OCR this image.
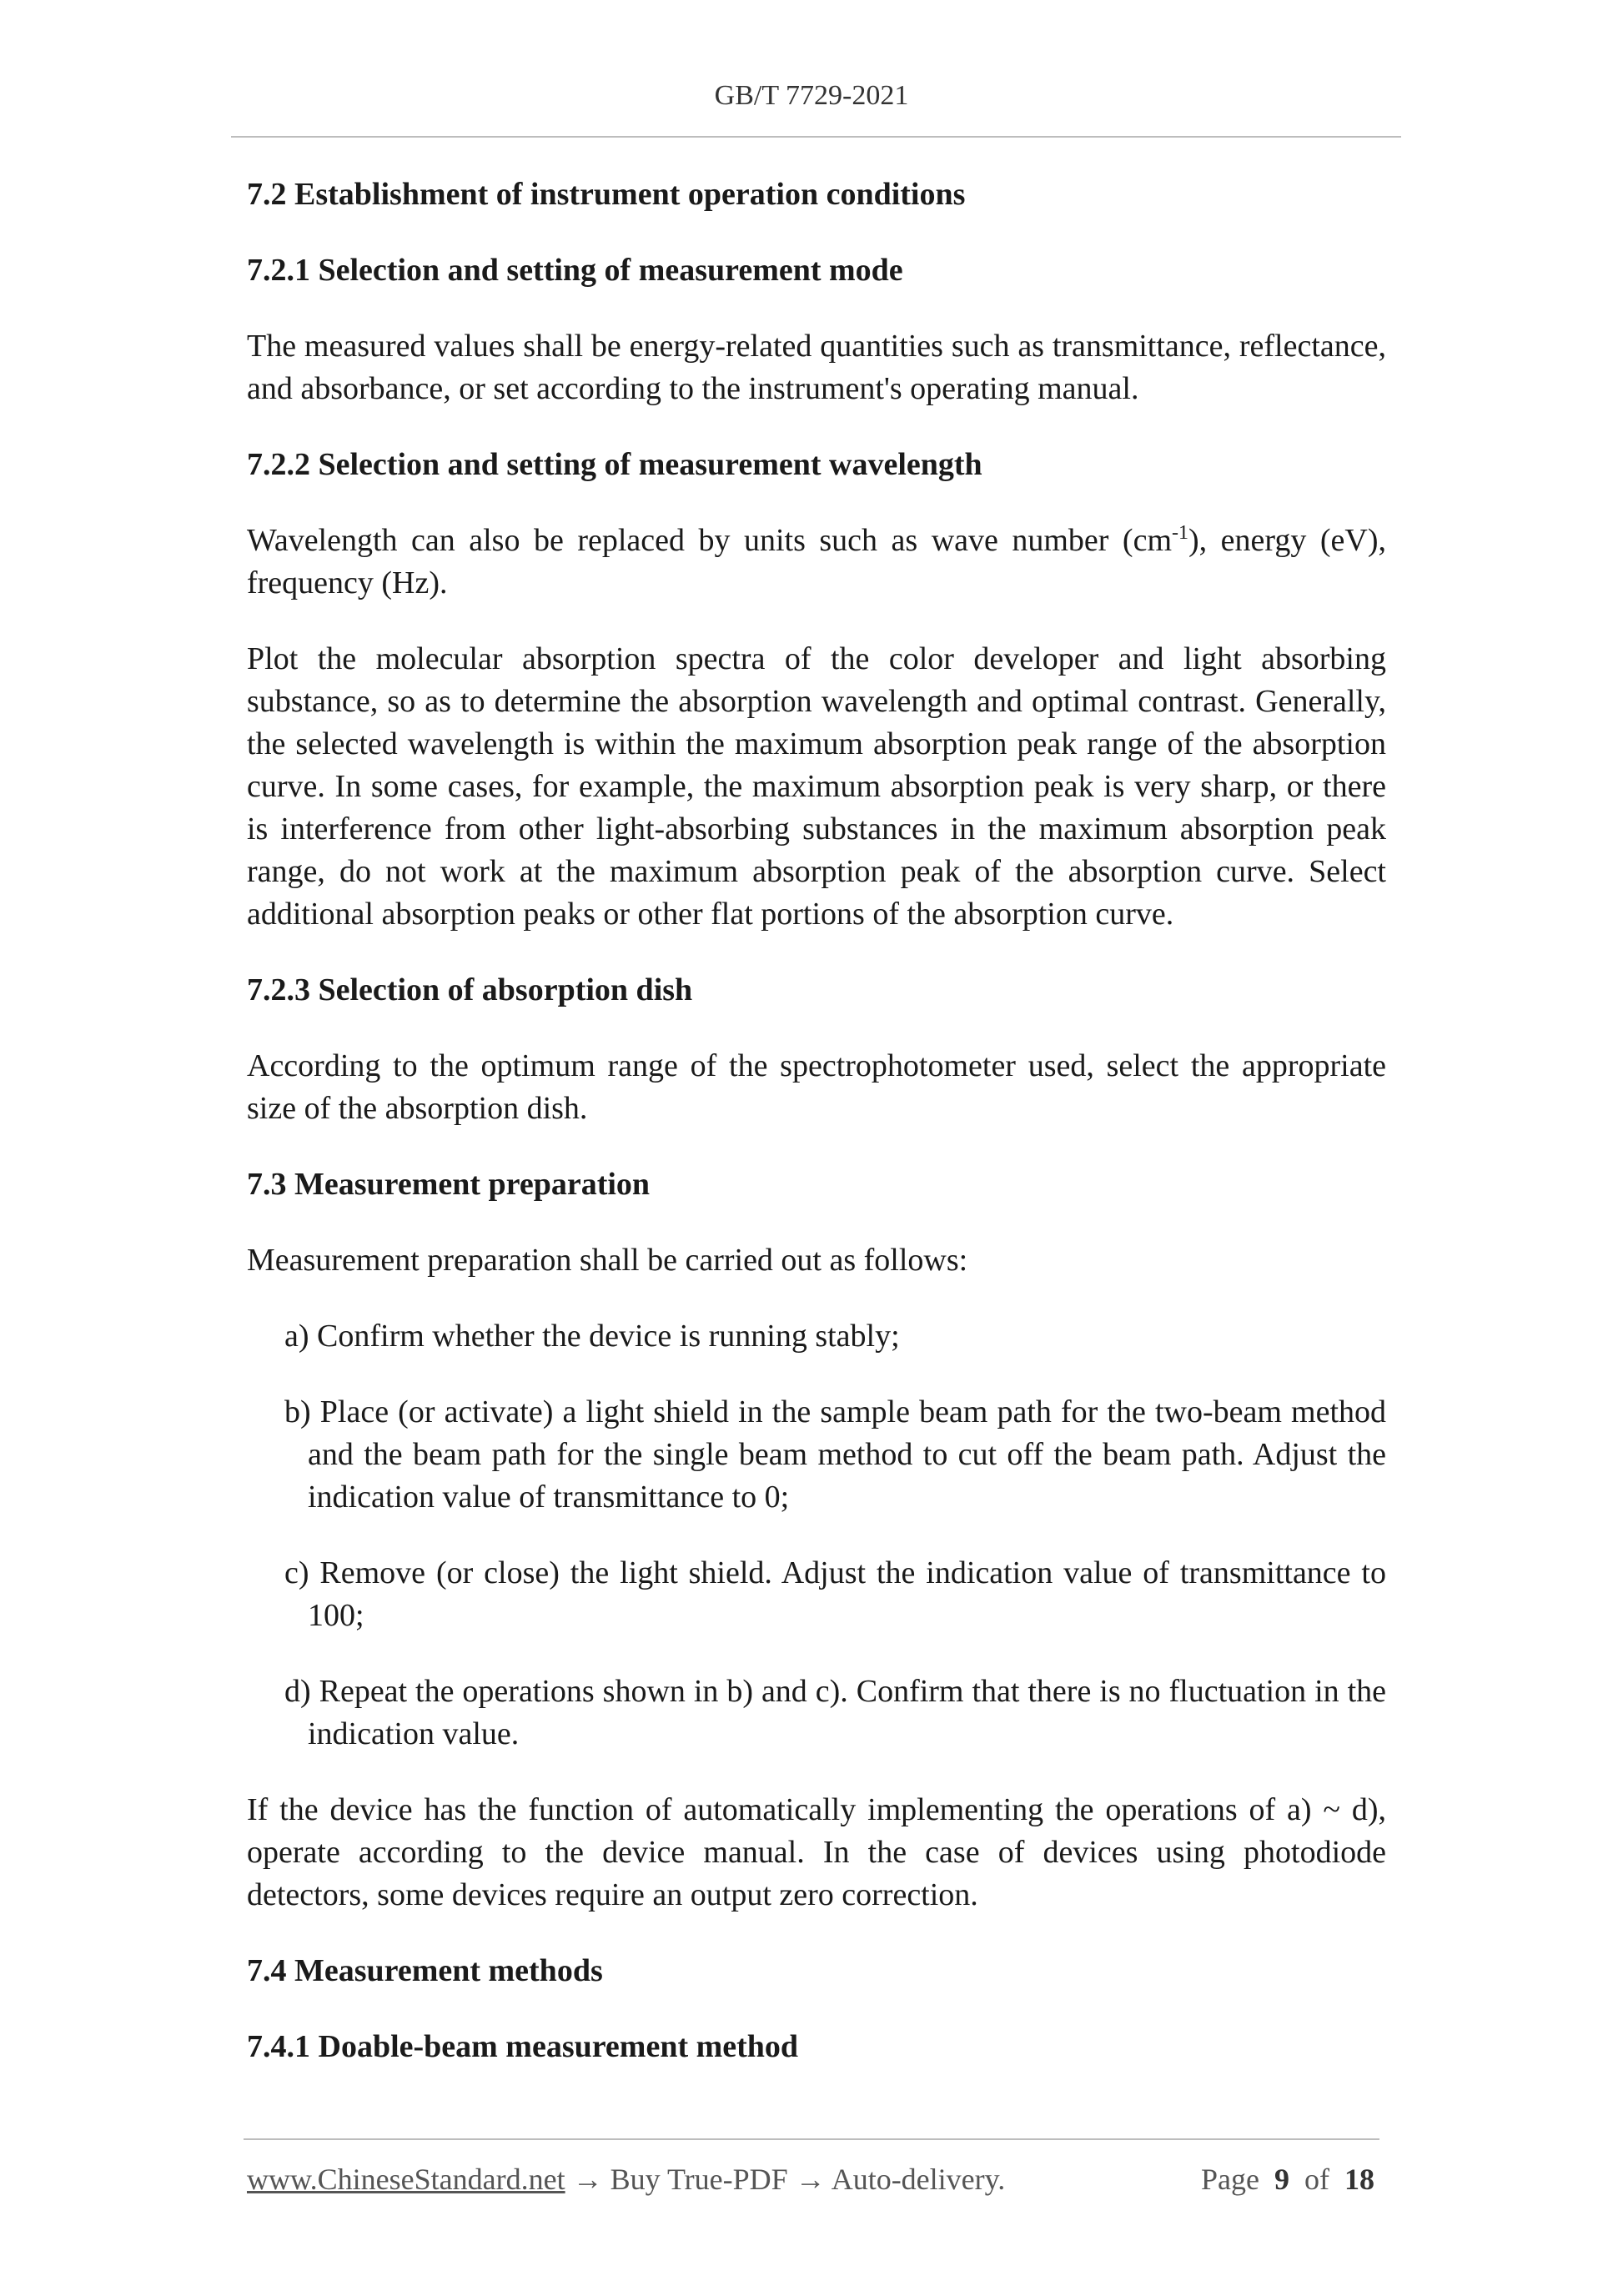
GB/T 7729-2021
7.2 Establishment of instrument operation conditions
7.2.1 Selection and setting of measurement mode

The measured values shall be energy-related quantities such as transmittance, reflectance, and absorbance, or set according to the instrument's operating manual.

7.2.2 Selection and setting of measurement wavelength

Wavelength can also be replaced by units such as wave number $(cm^{-1})$, energy (eV), frequency (Hz).

Plot the molecular absorption spectra of the color developer and light absorbing substance, so as to determine the absorption wavelength and optimal contrast. Generally, the selected wavelength is within the maximum absorption peak range of the absorption curve. In some cases, for example, the maximum absorption peak is very sharp, or there is interference from other light-absorbing substances in the maximum absorption peak range, do not work at the maximum absorption peak of the absorption curve. Select additional absorption peaks or other flat portions of the absorption curve.

7.2.3 Selection of absorption dish

According to the optimum range of the spectrophotometer used, select the appropriate size of the absorption dish.

7.3 Measurement preparation

Measurement preparation shall be carried out as follows:

a) Confirm whether the device is running stably;
b) Place (or activate) a light shield in the sample beam path for the two-beam method and the beam path for the single beam method to cut off the beam path. Adjust the indication value of transmittance to 0;
c) Remove (or close) the light shield. Adjust the indication value of transmittance to 100;
d) Repeat the operations shown in b) and c). Confirm that there is no fluctuation in the indication value.

If the device has the function of automatically implementing the operations of a) ~ d), operate according to the device manual. In the case of devices using photodiode detectors, some devices require an output zero correction.

7.4 Measurement methods
7.4.1 Doable-beam measurement method
www.ChineseStandard.net → Buy True-PDF → Auto-delivery.	Page 9 of 18
